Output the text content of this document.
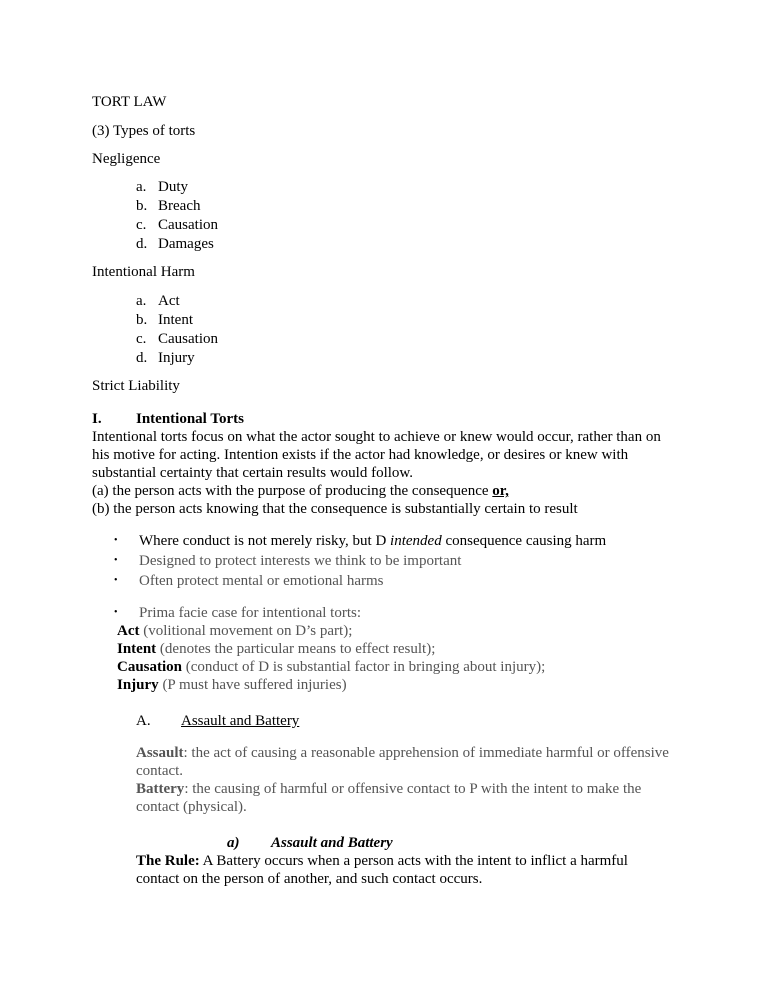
TORT LAW
(3) Types of torts
Negligence
a. Duty
b. Breach
c. Causation
d. Damages
Intentional Harm
a. Act
b. Intent
c. Causation
d. Injury
Strict Liability
I. Intentional Torts
Intentional torts focus on what the actor sought to achieve or knew would occur, rather than on
his motive for acting. Intention exists if the actor had knowledge, or desires or knew with
substantial certainty that certain results would follow.
(a) the person acts with the purpose of producing the consequence or,
(b) the person acts knowing that the consequence is substantially certain to result
• Where conduct is not merely risky, but D intended consequence causing harm
• Designed to protect interests we think to be important
• Often protect mental or emotional harms
• Prima facie case for intentional torts:
Act (volitional movement on D’s part);
Intent (denotes the particular means to effect result);
Causation (conduct of D is substantial factor in bringing about injury);
Injury (P must have suffered injuries)
A. Assault and Battery
Assault: the act of causing a reasonable apprehension of immediate harmful or offensive
contact.
Battery: the causing of harmful or offensive contact to P with the intent to make the
contact (physical).
a) Assault and Battery
The Rule: A Battery occurs when a person acts with the intent to inflict a harmful
contact on the person of another, and such contact occurs.
